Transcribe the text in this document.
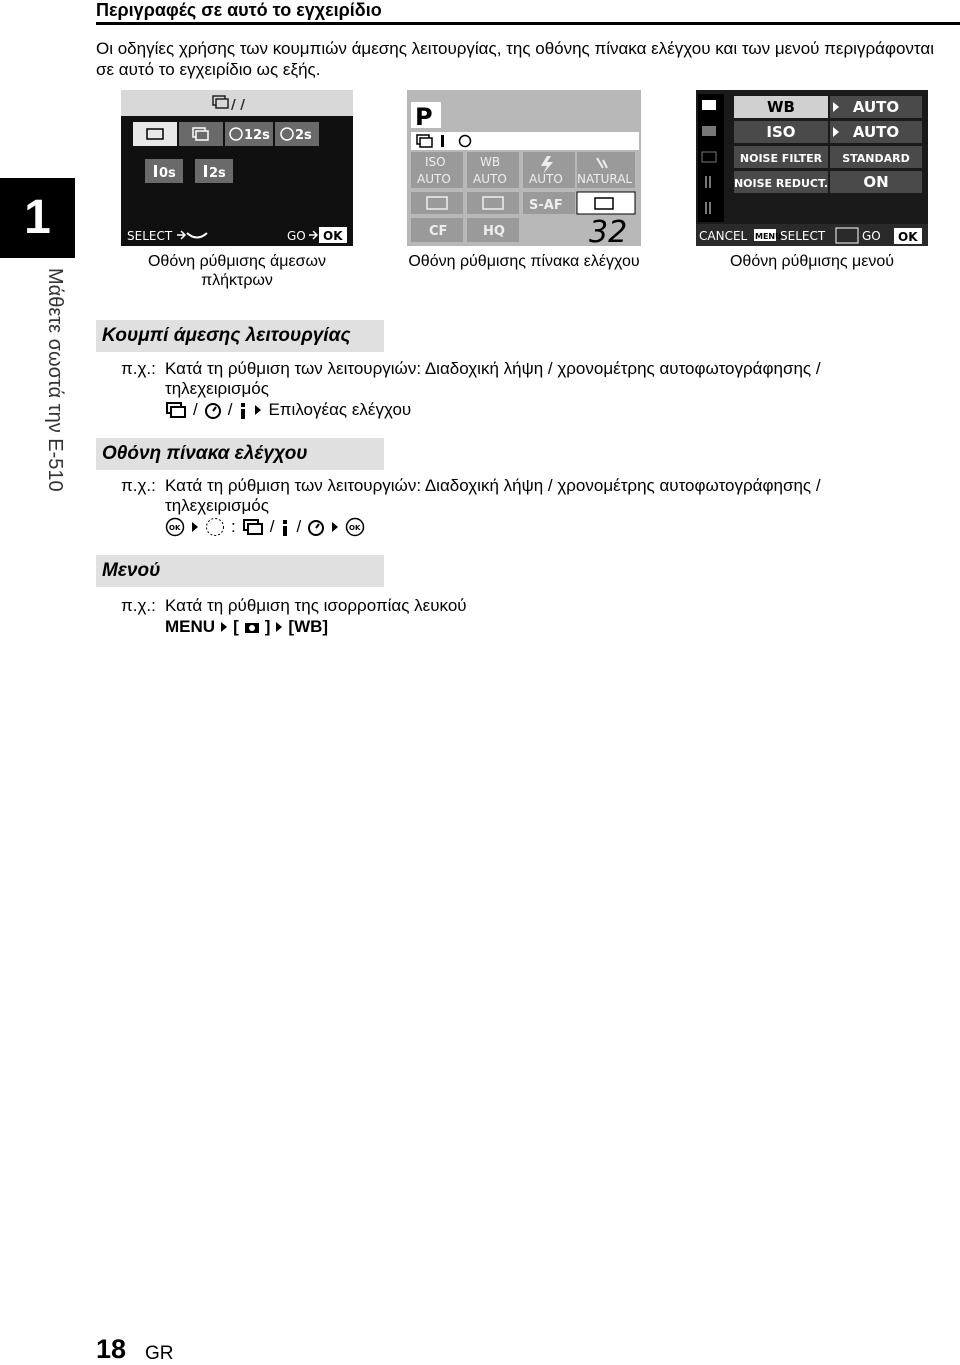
Περιγραφές σε αυτό το εγχειρίδιο
Οι οδηγίες χρήσης των κουμπιών άμεσης λειτουργίας, της οθόνης πίνακα ελέγχου και των μενού περιγράφονται σε αυτό το εγχειρίδιο ως εξής.
1
Μάθετε σωστά την E-510
/ /
12s 2s
0s	2s
SELECT	GO OK
Οθόνη ρύθμισης άμεσων πλήκτρων
P
ISO
AUTO
WB
AUTO AUTO NATURAL
S-AF
CF	HQ	32
Οθόνη ρύθμισης πίνακα ελέγχου
WB	AUTO
ISO	AUTO
NOISE FILTER STANDARD
NOISE REDUCT. ON
CANCEL MENU
SELECT	GO OK
Οθόνη ρύθμισης μενού
Κουμπί άμεσης λειτουργίας
π.χ.: Κατά τη ρύθμιση των λειτουργιών: Διαδοχική λήψη / χρονομέτρης αυτοφωτογράφησης / τηλεχειρισμός
/ / Επιλογέας ελέγχου
Οθόνη πίνακα ελέγχου
π.χ.: Κατά τη ρύθμιση των λειτουργιών: Διαδοχική λήψη / χρονομέτρης αυτοφωτογράφησης / τηλεχειρισμός
OK	: / /	OK
Μενού
π.χ.: Κατά τη ρύθμιση της ισορροπίας λευκού
MENU [ ] [WB]
18 GR
